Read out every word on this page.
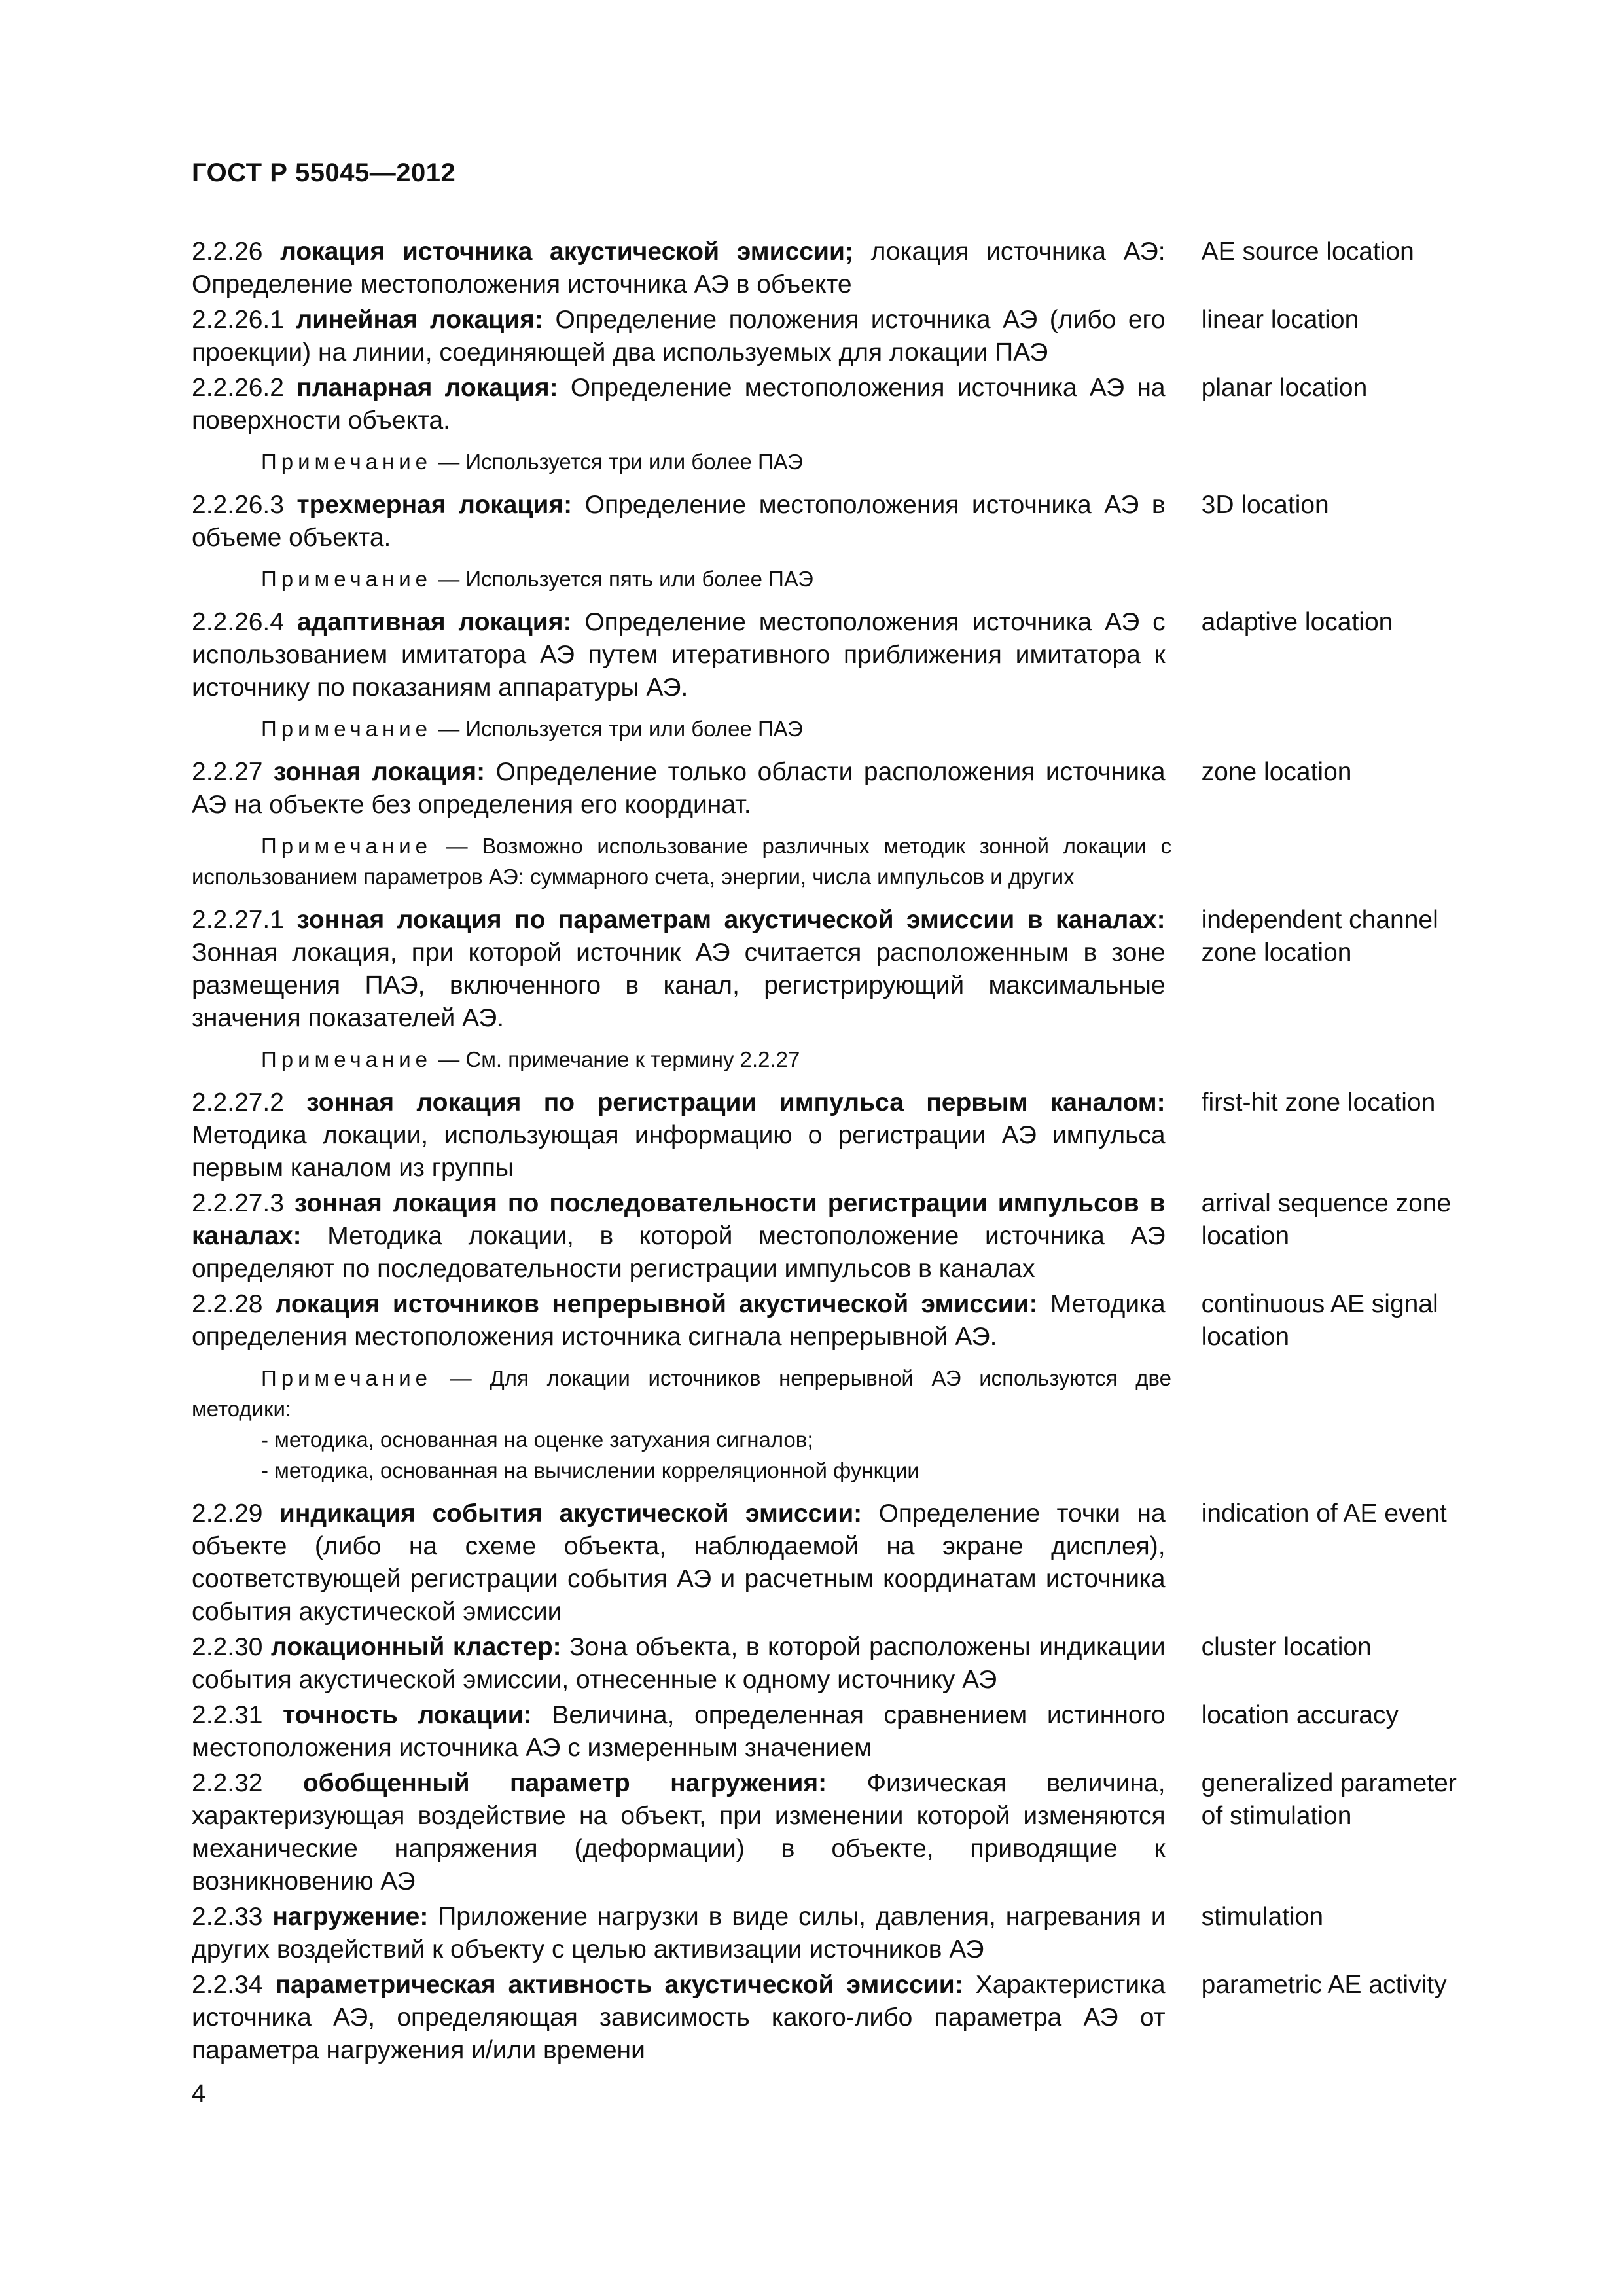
ГОСТ Р 55045—2012
2.2.26 локация источника акустической эмиссии; локация источника АЭ: Определение местоположения источника АЭ в объекте
AE source location
2.2.26.1 линейная локация: Определение положения источника АЭ (либо его проекции) на линии, соединяющей два используемых для локации ПАЭ
linear location
2.2.26.2 планарная локация: Определение местоположения источника АЭ на поверхности объекта.
planar location
Примечание — Используется три или более ПАЭ
2.2.26.3 трехмерная локация: Определение местоположения источника АЭ в объеме объекта.
3D location
Примечание — Используется пять или более ПАЭ
2.2.26.4 адаптивная локация: Определение местоположения источника АЭ с использованием имитатора АЭ путем итеративного приближения имитатора к источнику по показаниям аппаратуры АЭ.
adaptive location
Примечание — Используется три или более ПАЭ
2.2.27 зонная локация: Определение только области расположения источника АЭ на объекте без определения его координат.
zone location
Примечание — Возможно использование различных методик зонной локации с использованием параметров АЭ: суммарного счета, энергии, числа импульсов и других
2.2.27.1 зонная локация по параметрам акустической эмиссии в каналах: Зонная локация, при которой источник АЭ считается расположенным в зоне размещения ПАЭ, включенного в канал, регистрирующий максимальные значения показателей АЭ.
independent channel zone location
Примечание — См. примечание к термину 2.2.27
2.2.27.2 зонная локация по регистрации импульса первым каналом: Методика локации, использующая информацию о регистрации АЭ импульса первым каналом из группы
first-hit zone location
2.2.27.3 зонная локация по последовательности регистрации импульсов в каналах: Методика локации, в которой местоположение источника АЭ определяют по последовательности регистрации импульсов в каналах
arrival sequence zone location
2.2.28 локация источников непрерывной акустической эмиссии: Методика определения местоположения источника сигнала непрерывной АЭ.
continuous AE signal location
Примечание — Для локации источников непрерывной АЭ используются две методики:
- методика, основанная на оценке затухания сигналов;
- методика, основанная на вычислении корреляционной функции
2.2.29 индикация события акустической эмиссии: Определение точки на объекте (либо на схеме объекта, наблюдаемой на экране дисплея), соответствующей регистрации события АЭ и расчетным координатам источника события акустической эмиссии
indication of AE event
2.2.30 локационный кластер: Зона объекта, в которой расположены индикации события акустической эмиссии, отнесенные к одному источнику АЭ
cluster location
2.2.31 точность локации: Величина, определенная сравнением истинного местоположения источника АЭ с измеренным значением
location accuracy
2.2.32 обобщенный параметр нагружения: Физическая величина, характеризующая воздействие на объект, при изменении которой изменяются механические напряжения (деформации) в объекте, приводящие к возникновению АЭ
generalized parameter of stimulation
2.2.33 нагружение: Приложение нагрузки в виде силы, давления, нагревания и других воздействий к объекту с целью активизации источников АЭ
stimulation
2.2.34 параметрическая активность акустической эмиссии: Характеристика источника АЭ, определяющая зависимость какого-либо параметра АЭ от параметра нагружения и/или времени
parametric AE activity
4
